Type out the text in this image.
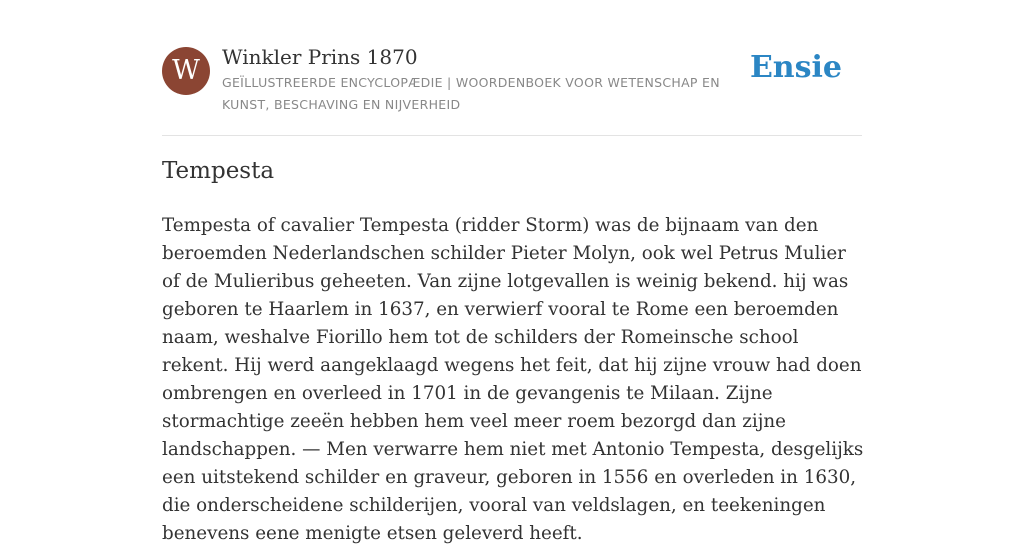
W	Winkler Prins 1870
GEÏLLUSTREERDE ENCYCLOPÆDIE | WOORDENBOEK VOOR WETENSCHAP EN KUNST, BESCHAVING EN NIJVERHEID
Ensie
Tempesta

Tempesta of cavalier Tempesta (ridder Storm) was de bijnaam van den beroemden Nederlandschen schilder Pieter Molyn, ook wel Petrus Mulier of de Mulieribus geheeten. Van zijne lotgevallen is weinig bekend. hij was geboren te Haarlem in 1637, en verwierf vooral te Rome een beroemden naam, weshalve Fiorillo hem tot de schilders der Romeinsche school rekent. Hij werd aangeklaagd wegens het feit, dat hij zijne vrouw had doen ombrengen en overleed in 1701 in de gevangenis te Milaan. Zijne stormachtige zeeën hebben hem veel meer roem bezorgd dan zijne landschappen. — Men verwarre hem niet met Antonio Tempesta, desgelijks een uitstekend schilder en graveur, geboren in 1556 en overleden in 1630, die onderscheidene schilderijen, vooral van veldslagen, en teekeningen benevens eene menigte etsen geleverd heeft.
